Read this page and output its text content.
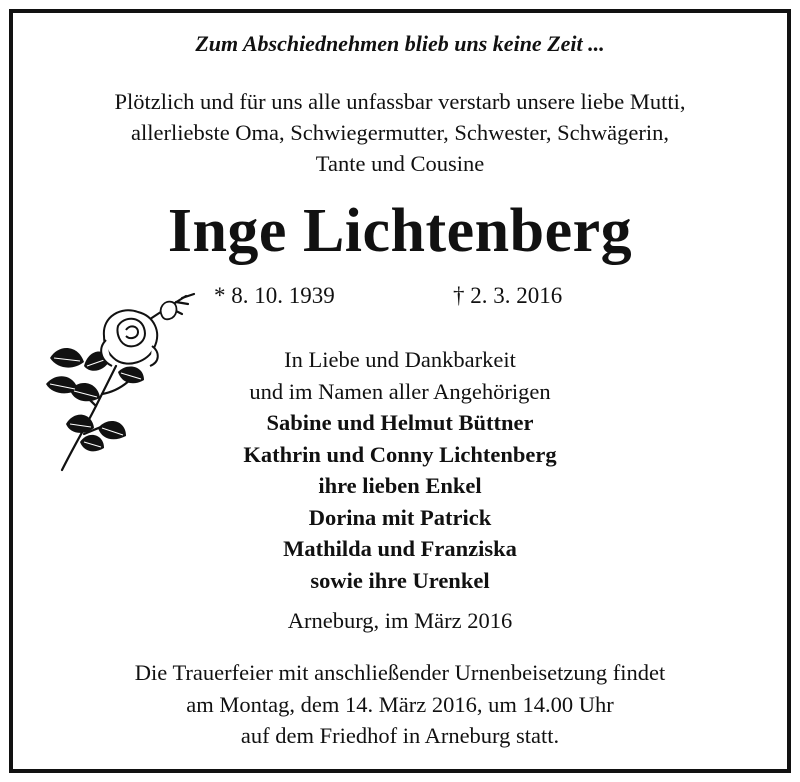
Zum Abschiednehmen blieb uns keine Zeit ...
Plötzlich und für uns alle unfassbar verstarb unsere liebe Mutti,
allerliebste Oma, Schwiegermutter, Schwester, Schwägerin,
Tante und Cousine
Inge Lichtenberg
* 8. 10. 1939	† 2. 3. 2016
In Liebe und Dankbarkeit
und im Namen aller Angehörigen
Sabine und Helmut Büttner
Kathrin und Conny Lichtenberg
ihre lieben Enkel
Dorina mit Patrick
Mathilda und Franziska
sowie ihre Urenkel
Arneburg, im März 2016
Die Trauerfeier mit anschließender Urnenbeisetzung findet
am Montag, dem 14. März 2016, um 14.00 Uhr
auf dem Friedhof in Arneburg statt.
